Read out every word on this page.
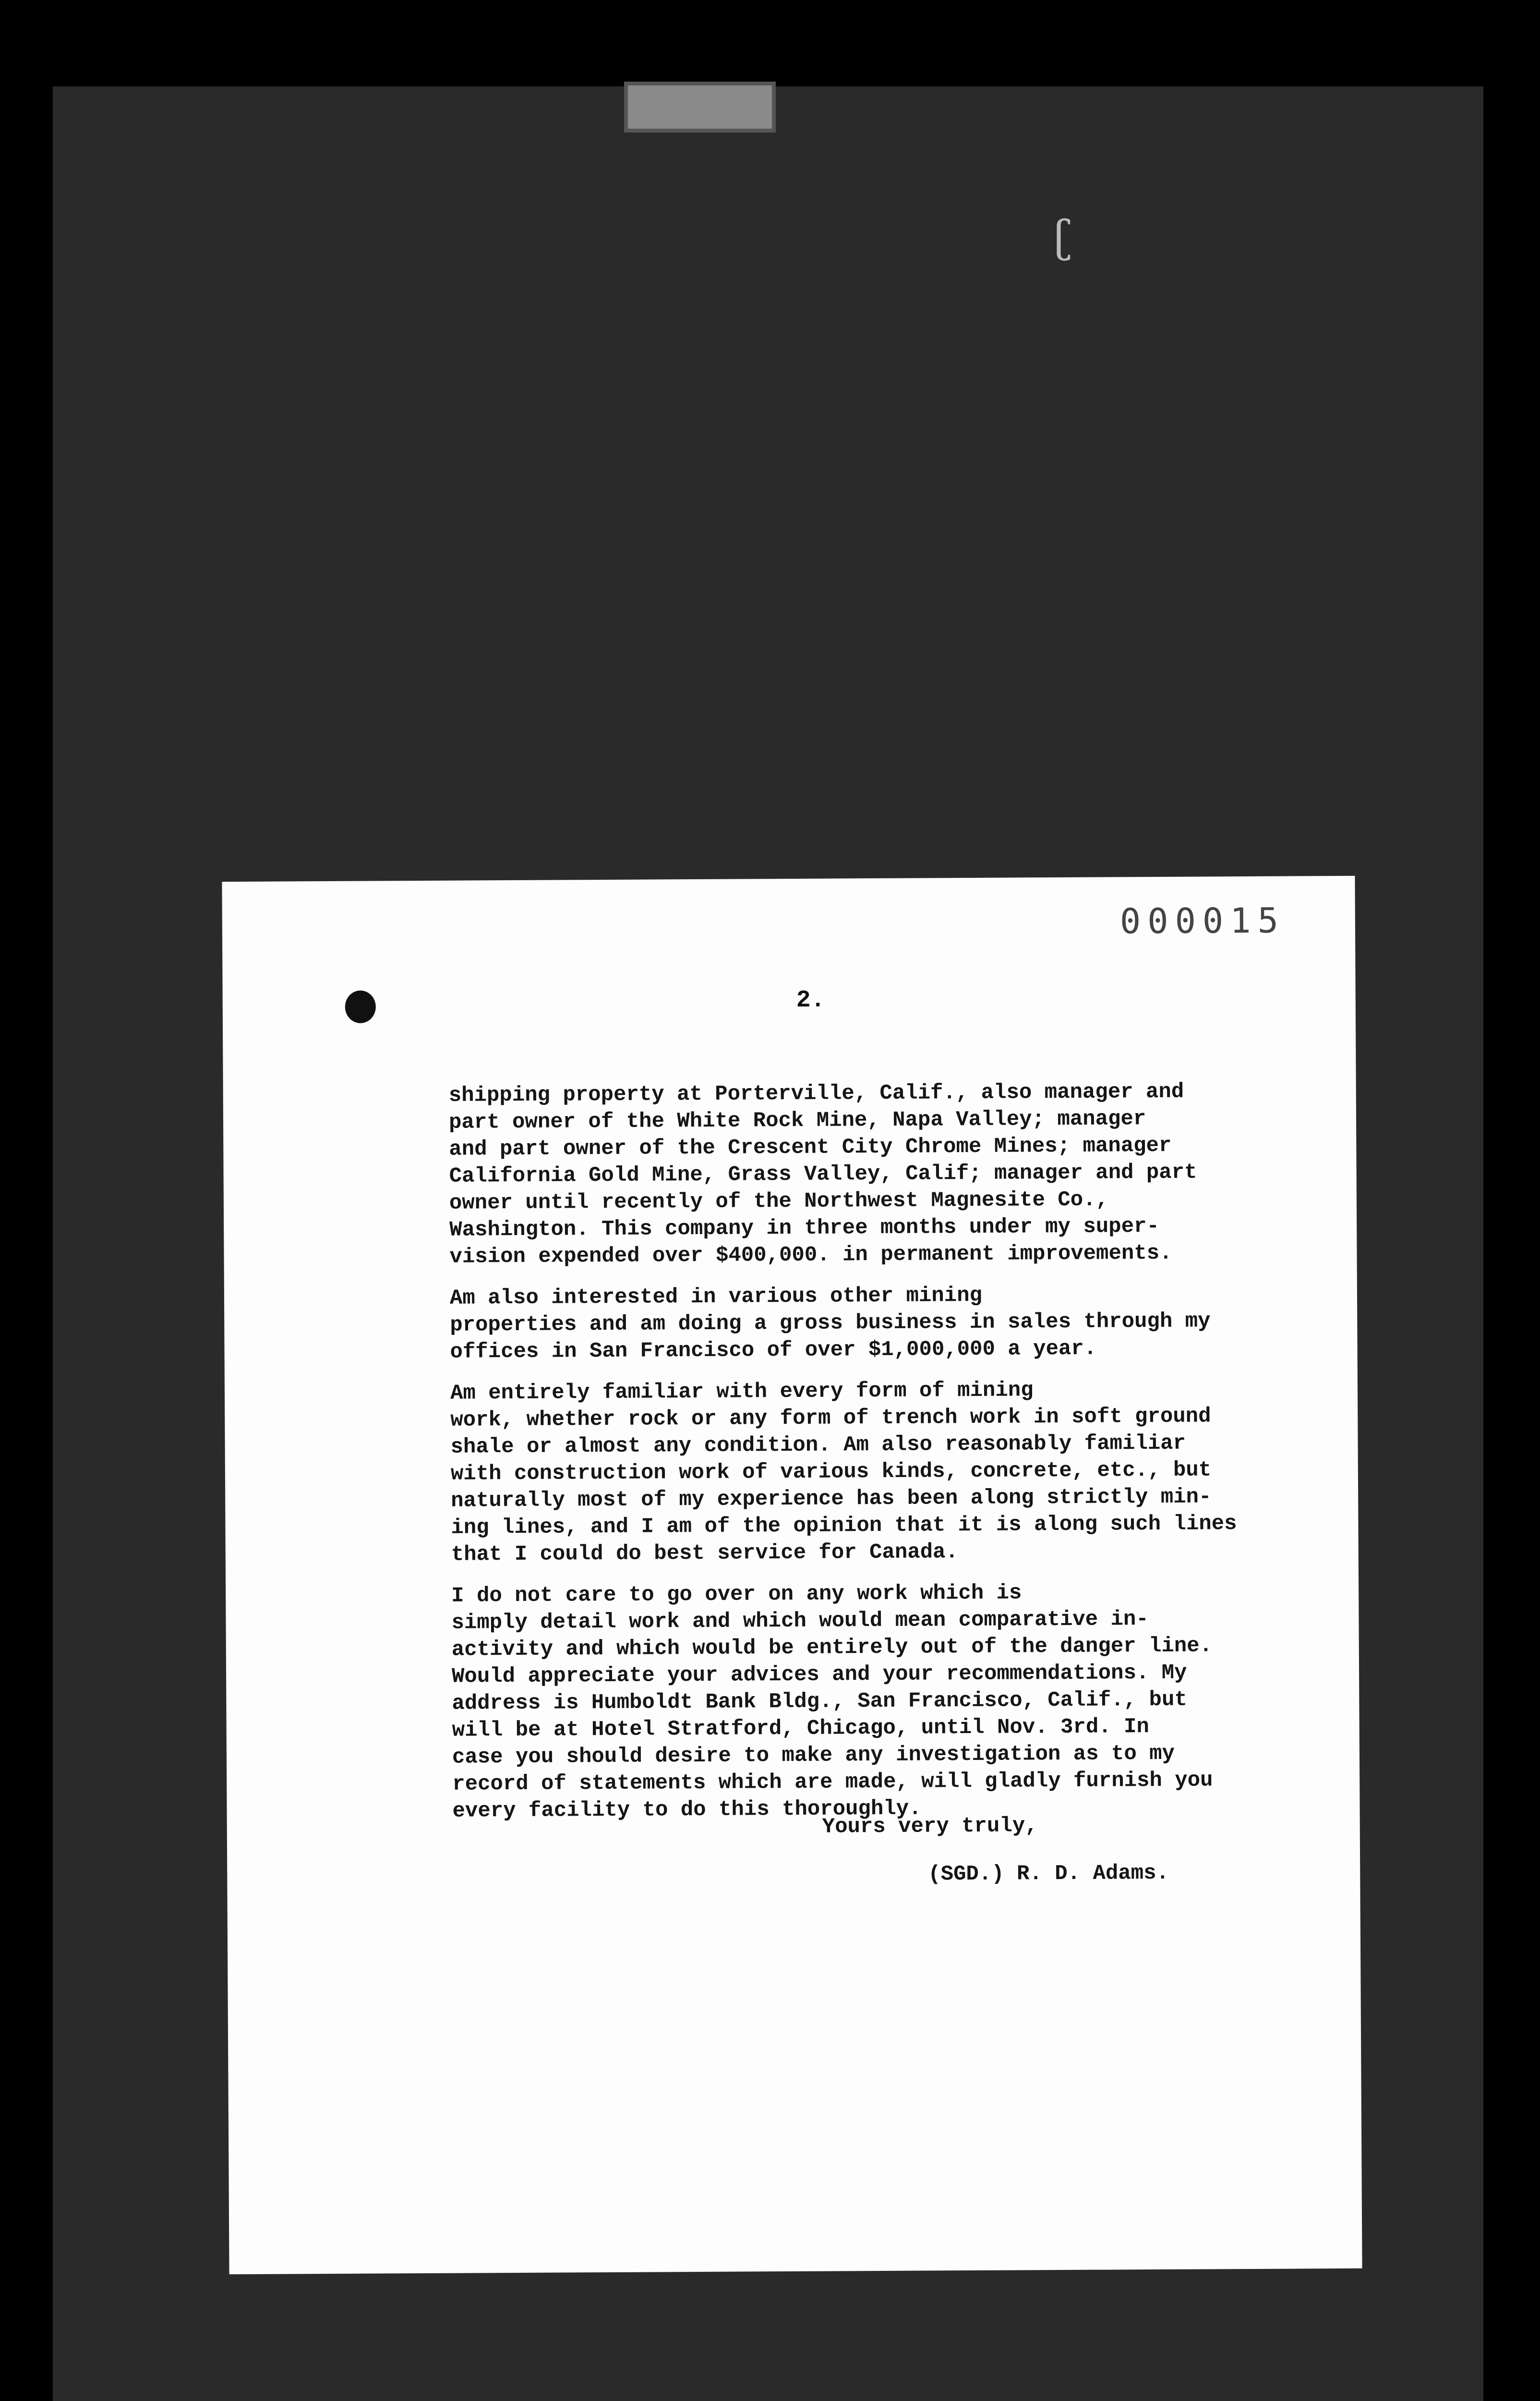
ʗ
000015
2.

shipping property at Porterville, Calif., also manager and
part owner of the White Rock Mine, Napa Valley; manager
and part owner of the Crescent City Chrome Mines; manager
California Gold Mine, Grass Valley, Calif; manager and part
owner until recently of the Northwest Magnesite Co.,
Washington. This company in three months under my super-
vision expended over $400,000. in permanent improvements.

Am also interested in various other mining
properties and am doing a gross business in sales through my
offices in San Francisco of over $1,000,000 a year.

Am entirely familiar with every form of mining
work, whether rock or any form of trench work in soft ground
shale or almost any condition. Am also reasonably familiar
with construction work of various kinds, concrete, etc., but
naturally most of my experience has been along strictly min-
ing lines, and I am of the opinion that it is along such lines
that I could do best service for Canada.

I do not care to go over on any work which is
simply detail work and which would mean comparative in-
activity and which would be entirely out of the danger line.
Would appreciate your advices and your recommendations. My
address is Humboldt Bank Bldg., San Francisco, Calif., but
will be at Hotel Stratford, Chicago, until Nov. 3rd. In
case you should desire to make any investigation as to my
record of statements which are made, will gladly furnish you
every facility to do this thoroughly.

Yours very truly,
(SGD.) R. D. Adams.
